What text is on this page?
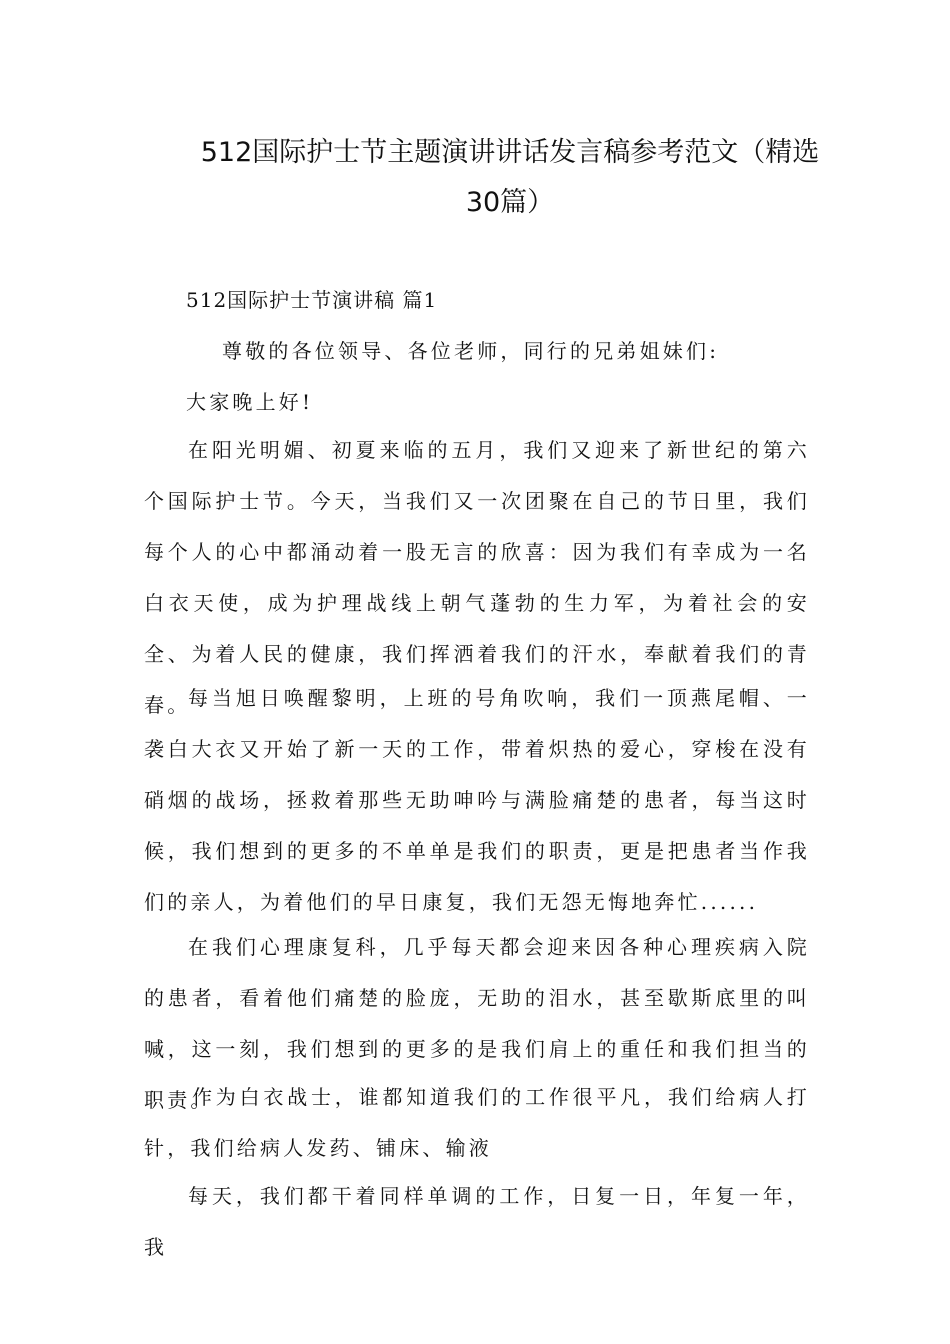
512国际护士节主题演讲讲话发言稿参考范文（精选
30篇）
512国际护士节演讲稿 篇1
尊敬的各位领导、各位老师，同行的兄弟姐妹们:
大家晚上好!

在阳光明媚、初夏来临的五月，我们又迎来了新世纪的第六个国际护士节。今天，当我们又一次团聚在自己的节日里，我们每个人的心中都涌动着一股无言的欣喜：因为我们有幸成为一名白衣天使，成为护理战线上朝气蓬勃的生力军，为着社会的安全、为着人民的健康，我们挥洒着我们的汗水，奉献着我们的青春。

每当旭日唤醒黎明，上班的号角吹响，我们一顶燕尾帽、一袭白大衣又开始了新一天的工作，带着炽热的爱心，穿梭在没有硝烟的战场，拯救着那些无助呻吟与满脸痛楚的患者，每当这时候，我们想到的更多的不单单是我们的职责，更是把患者当作我们的亲人，为着他们的早日康复，我们无怨无悔地奔忙......

在我们心理康复科，几乎每天都会迎来因各种心理疾病入院的患者，看着他们痛楚的脸庞，无助的泪水，甚至歇斯底里的叫喊，这一刻，我们想到的更多的是我们肩上的重任和我们担当的职责。

作为白衣战士，谁都知道我们的工作很平凡，我们给病人打针，我们给病人发药、铺床、输液

每天，我们都干着同样单调的工作，日复一日，年复一年，我
